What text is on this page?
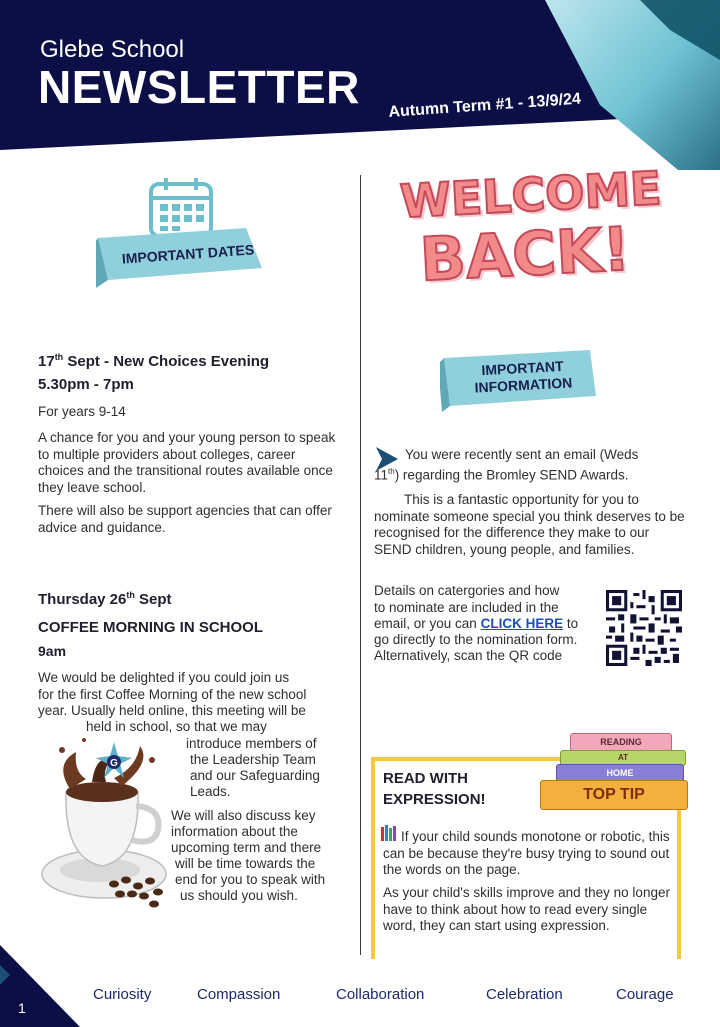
Glebe School
NEWSLETTER Autumn Term #1 - 13/9/24
IMPORTANT DATES
17th Sept - New Choices Evening
5.30pm - 7pm
For years 9-14
A chance for you and your young person to speak to multiple providers about colleges, career choices and the transitional routes available once they leave school.
There will also be support agencies that can offer advice and guidance.
Thursday 26th Sept
COFFEE MORNING IN SCHOOL
9am
We would be delighted if you could join us
for the first Coffee Morning of the new school
year. Usually held online, this meeting will be
held in school, so that we may
introduce members of
the Leadership Team
and our Safeguarding
Leads.
We will also discuss key
information about the
upcoming term and there
will be time towards the
end for you to speak with
us should you wish.
G
WELCOME
BACK!
IMPORTANT
INFORMATION
You were recently sent an email (Weds
11th) regarding the Bromley SEND Awards.
This is a fantastic opportunity for you to nominate someone special you think deserves to be recognised for the difference they make to our SEND children, young people, and families.
Details on catergories and how
to nominate are included in the
email, or you can CLICK HERE to
go directly to the nomination form.
Alternatively, scan the QR code
READING
AT
HOME
TOP TIP
READ WITH
EXPRESSION!
If your child sounds monotone or robotic, this can be because they're busy trying to sound out the words on the page.
As your child's skills improve and they no longer have to think about how to read every single word, they can start using expression.
1
Curiosity	Compassion	Collaboration	Celebration	Courage
